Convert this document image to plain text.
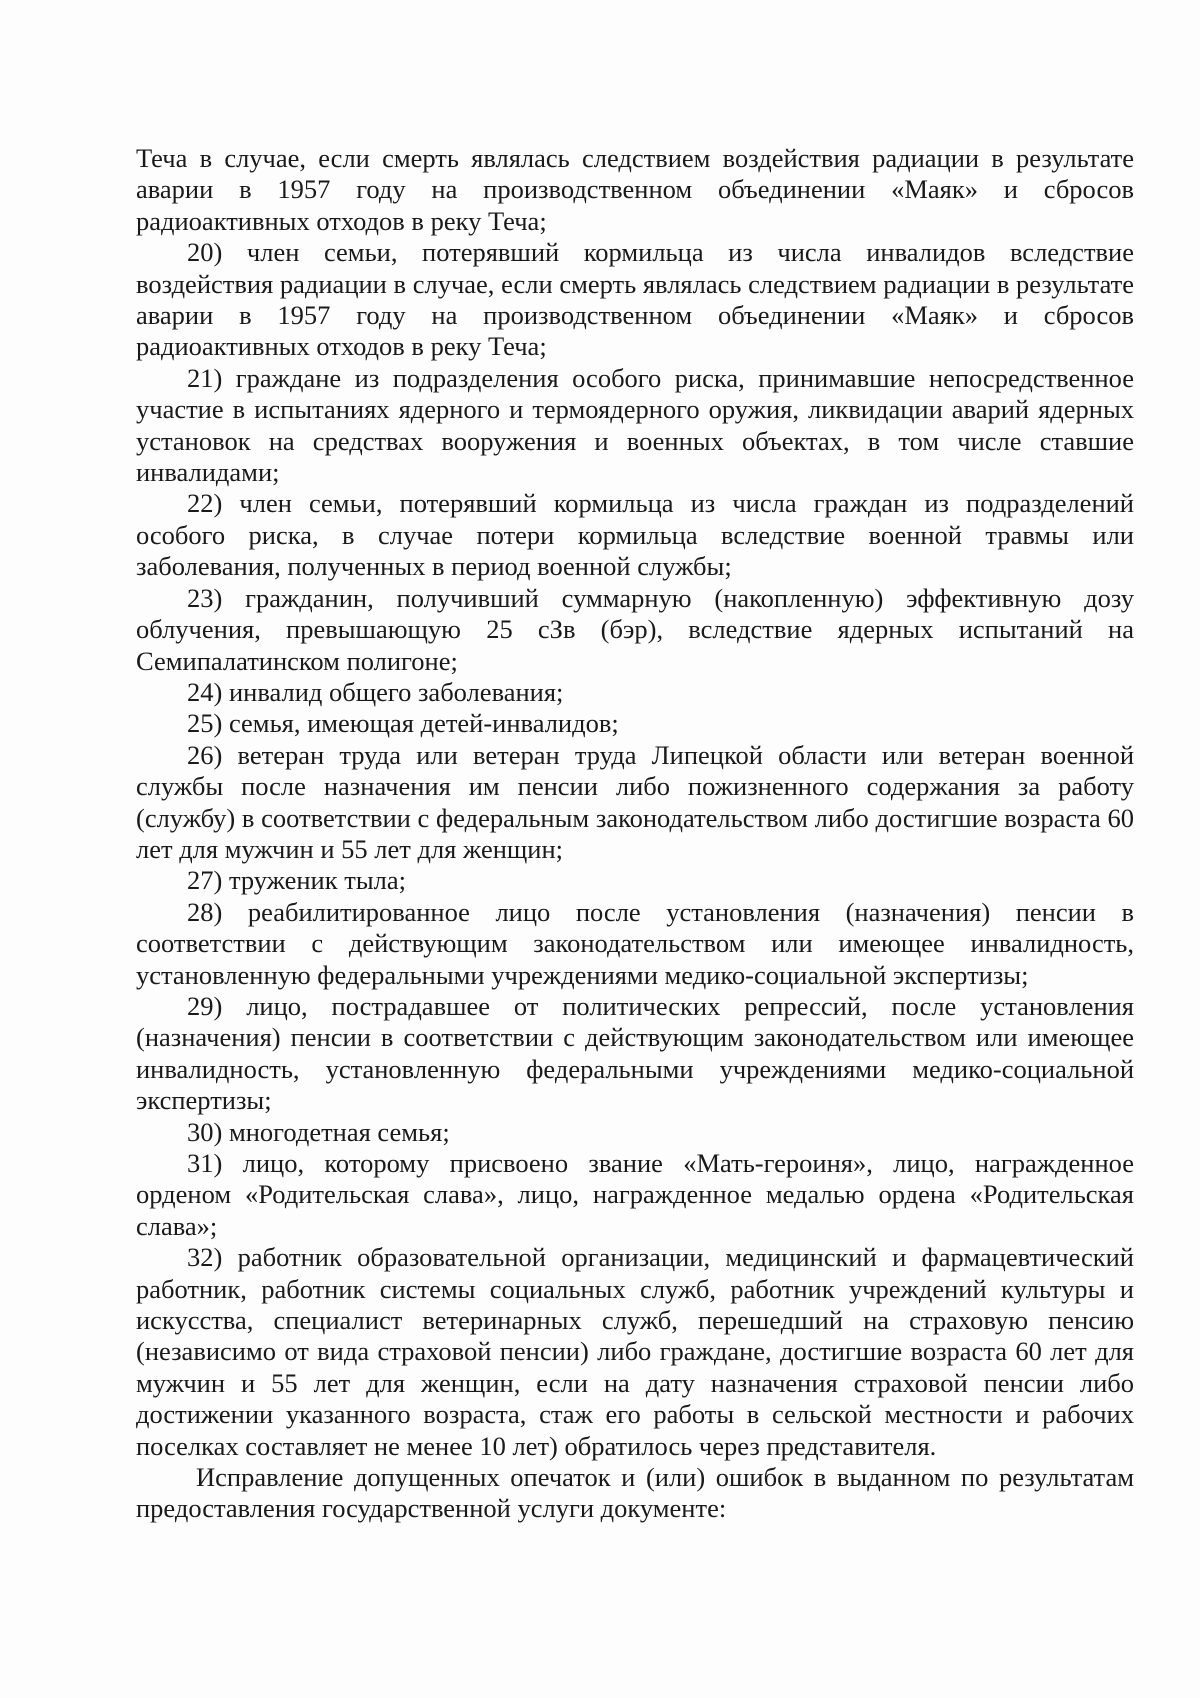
Теча в случае, если смерть являлась следствием воздействия радиации в результате аварии в 1957 году на производственном объединении «Маяк» и сбросов радиоактивных отходов в реку Теча;

20) член семьи, потерявший кормильца из числа инвалидов вследствие воздействия радиации в случае, если смерть являлась следствием радиации в результате аварии в 1957 году на производственном объединении «Маяк» и сбросов радиоактивных отходов в реку Теча;

21) граждане из подразделения особого риска, принимавшие непосредственное участие в испытаниях ядерного и термоядерного оружия, ликвидации аварий ядерных установок на средствах вооружения и военных объектах, в том числе ставшие инвалидами;

22) член семьи, потерявший кормильца из числа граждан из подразделений особого риска, в случае потери кормильца вследствие военной травмы или заболевания, полученных в период военной службы;

23) гражданин, получивший суммарную (накопленную) эффективную дозу облучения, превышающую 25 сЗв (бэр), вследствие ядерных испытаний на Семипалатинском полигоне;

24) инвалид общего заболевания;

25) семья, имеющая детей-инвалидов;

26) ветеран труда или ветеран труда Липецкой области или ветеран военной службы после назначения им пенсии либо пожизненного содержания за работу (службу) в соответствии с федеральным законодательством либо достигшие возраста 60 лет для мужчин и 55 лет для женщин;

27) труженик тыла;

28) реабилитированное лицо после установления (назначения) пенсии в соответствии с действующим законодательством или имеющее инвалидность, установленную федеральными учреждениями медико-социальной экспертизы;

29) лицо, пострадавшее от политических репрессий, после установления (назначения) пенсии в соответствии с действующим законодательством или имеющее инвалидность, установленную федеральными учреждениями медико-социальной экспертизы;

30) многодетная семья;

31) лицо, которому присвоено звание «Мать-героиня», лицо, награжденное орденом «Родительская слава», лицо, награжденное медалью ордена «Родительская слава»;

32) работник образовательной организации, медицинский и фармацевтический работник, работник системы социальных служб, работник учреждений культуры и искусства, специалист ветеринарных служб, перешедший на страховую пенсию (независимо от вида страховой пенсии) либо граждане, достигшие возраста 60 лет для мужчин и 55 лет для женщин, если на дату назначения страховой пенсии либо достижении указанного возраста, стаж его работы в сельской местности и рабочих поселках составляет не менее 10 лет) обратилось через представителя.

Исправление допущенных опечаток и (или) ошибок в выданном по результатам предоставления государственной услуги документе:
